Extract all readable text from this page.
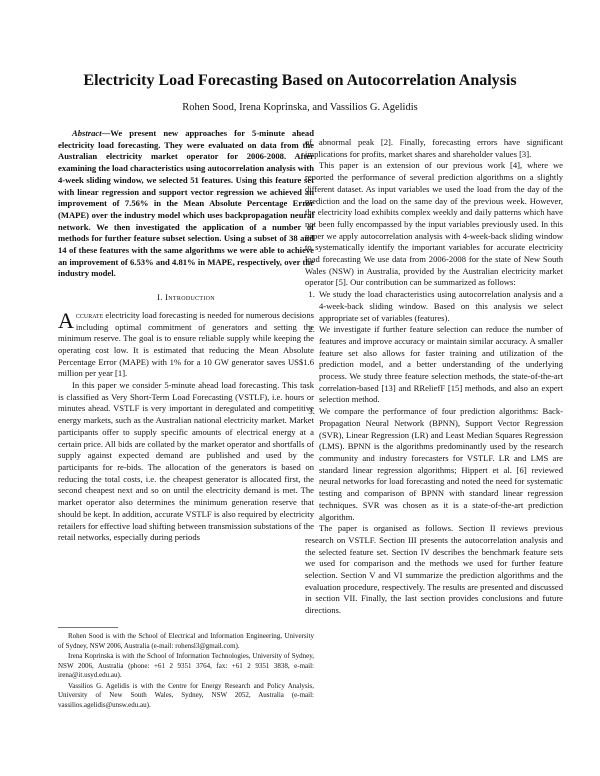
Electricity Load Forecasting Based on Autocorrelation Analysis
Rohen Sood, Irena Koprinska, and Vassilios G. Agelidis

Abstract—We present new approaches for 5-minute ahead electricity load forecasting. They were evaluated on data from the Australian electricity market operator for 2006-2008. After examining the load characteristics using autocorrelation analysis with 4-week sliding window, we selected 51 features. Using this feature set with linear regression and support vector regression we achieved an improvement of 7.56% in the Mean Absolute Percentage Error (MAPE) over the industry model which uses backpropagation neural network. We then investigated the application of a number of methods for further feature subset selection. Using a subset of 38 and 14 of these features with the same algorithms we were able to achieve an improvement of 6.53% and 4.81% in MAPE, respectively, over the industry model.

I. Introduction

Accurate electricity load forecasting is needed for numerous decisions including optimal commitment of generators and setting the minimum reserve. The goal is to ensure reliable supply while keeping the operating cost low. It is estimated that reducing the Mean Absolute Percentage Error (MAPE) with 1% for a 10 GW generator saves US$1.6 million per year [1].

In this paper we consider 5-minute ahead load forecasting. This task is classified as Very Short-Term Load Forecasting (VSTLF), i.e. hours or minutes ahead. VSTLF is very important in deregulated and competitive energy markets, such as the Australian national electricity market. Market participants offer to supply specific amounts of electrical energy at a certain price. All bids are collated by the market operator and shortfalls of supply against expected demand are published and used by the participants for re-bids. The allocation of the generators is based on reducing the total costs, i.e. the cheapest generator is allocated first, the second cheapest next and so on until the electricity demand is met. The market operator also determines the minimum generation reserve that should be kept. In addition, accurate VSTLF is also required by electricity retailers for effective load shifting between transmission substations of the retail networks, especially during periods

Rohen Sood is with the School of Electrical and Information Engineering, University of Sydney, NSW 2006, Australia (e-mail: rohensl3@gmail.com).

Irena Koprinska is with the School of Information Technologies, University of Sydney, NSW 2006, Australia (phone: +61 2 9351 3764, fax: +61 2 9351 3838, e-mail: irena@it.usyd.edu.au).

Vassilios G. Agelidis is with the Centre for Energy Research and Policy Analysis, University of New South Wales, Sydney, NSW 2052, Australia (e-mail: vassilios.agelidis@unsw.edu.au).

of abnormal peak [2]. Finally, forecasting errors have significant implications for profits, market shares and shareholder values [3].

This paper is an extension of our previous work [4], where we reported the performance of several prediction algorithms on a slightly different dataset. As input variables we used the load from the day of the prediction and the load on the same day of the previous week. However, the electricity load exhibits complex weekly and daily patterns which have not been fully encompassed by the input variables previously used. In this paper we apply autocorrelation analysis with 4-week-back sliding window to systematically identify the important variables for accurate electricity load forecasting We use data from 2006-2008 for the state of New South Wales (NSW) in Australia, provided by the Australian electricity market operator [5]. Our contribution can be summarized as follows:

1. We study the load characteristics using autocorrelation analysis and a 4-week-back sliding window. Based on this analysis we select appropriate set of variables (features).
2. We investigate if further feature selection can reduce the number of features and improve accuracy or maintain similar accuracy. A smaller feature set also allows for faster training and utilization of the prediction model, and a better understanding of the underlying process. We study three feature selection methods, the state-of-the-art correlation-based [13] and RReliefF [15] methods, and also an expert selection method.
3. We compare the performance of four prediction algorithms: Back-Propagation Neural Network (BPNN), Support Vector Regression (SVR), Linear Regression (LR) and Least Median Squares Regression (LMS). BPNN is the algorithms predominantly used by the research community and industry forecasters for VSTLF. LR and LMS are standard linear regression algorithms; Hippert et al. [6] reviewed neural networks for load forecasting and noted the need for systematic testing and comparison of BPNN with standard linear regression techniques. SVR was chosen as it is a state-of-the-art prediction algorithm.

The paper is organised as follows. Section II reviews previous research on VSTLF. Section III presents the autocorrelation analysis and the selected feature set. Section IV describes the benchmark feature sets we used for comparison and the methods we used for further feature selection. Section V and VI summarize the prediction algorithms and the evaluation procedure, respectively. The results are presented and discussed in section VII. Finally, the last section provides conclusions and future directions.
